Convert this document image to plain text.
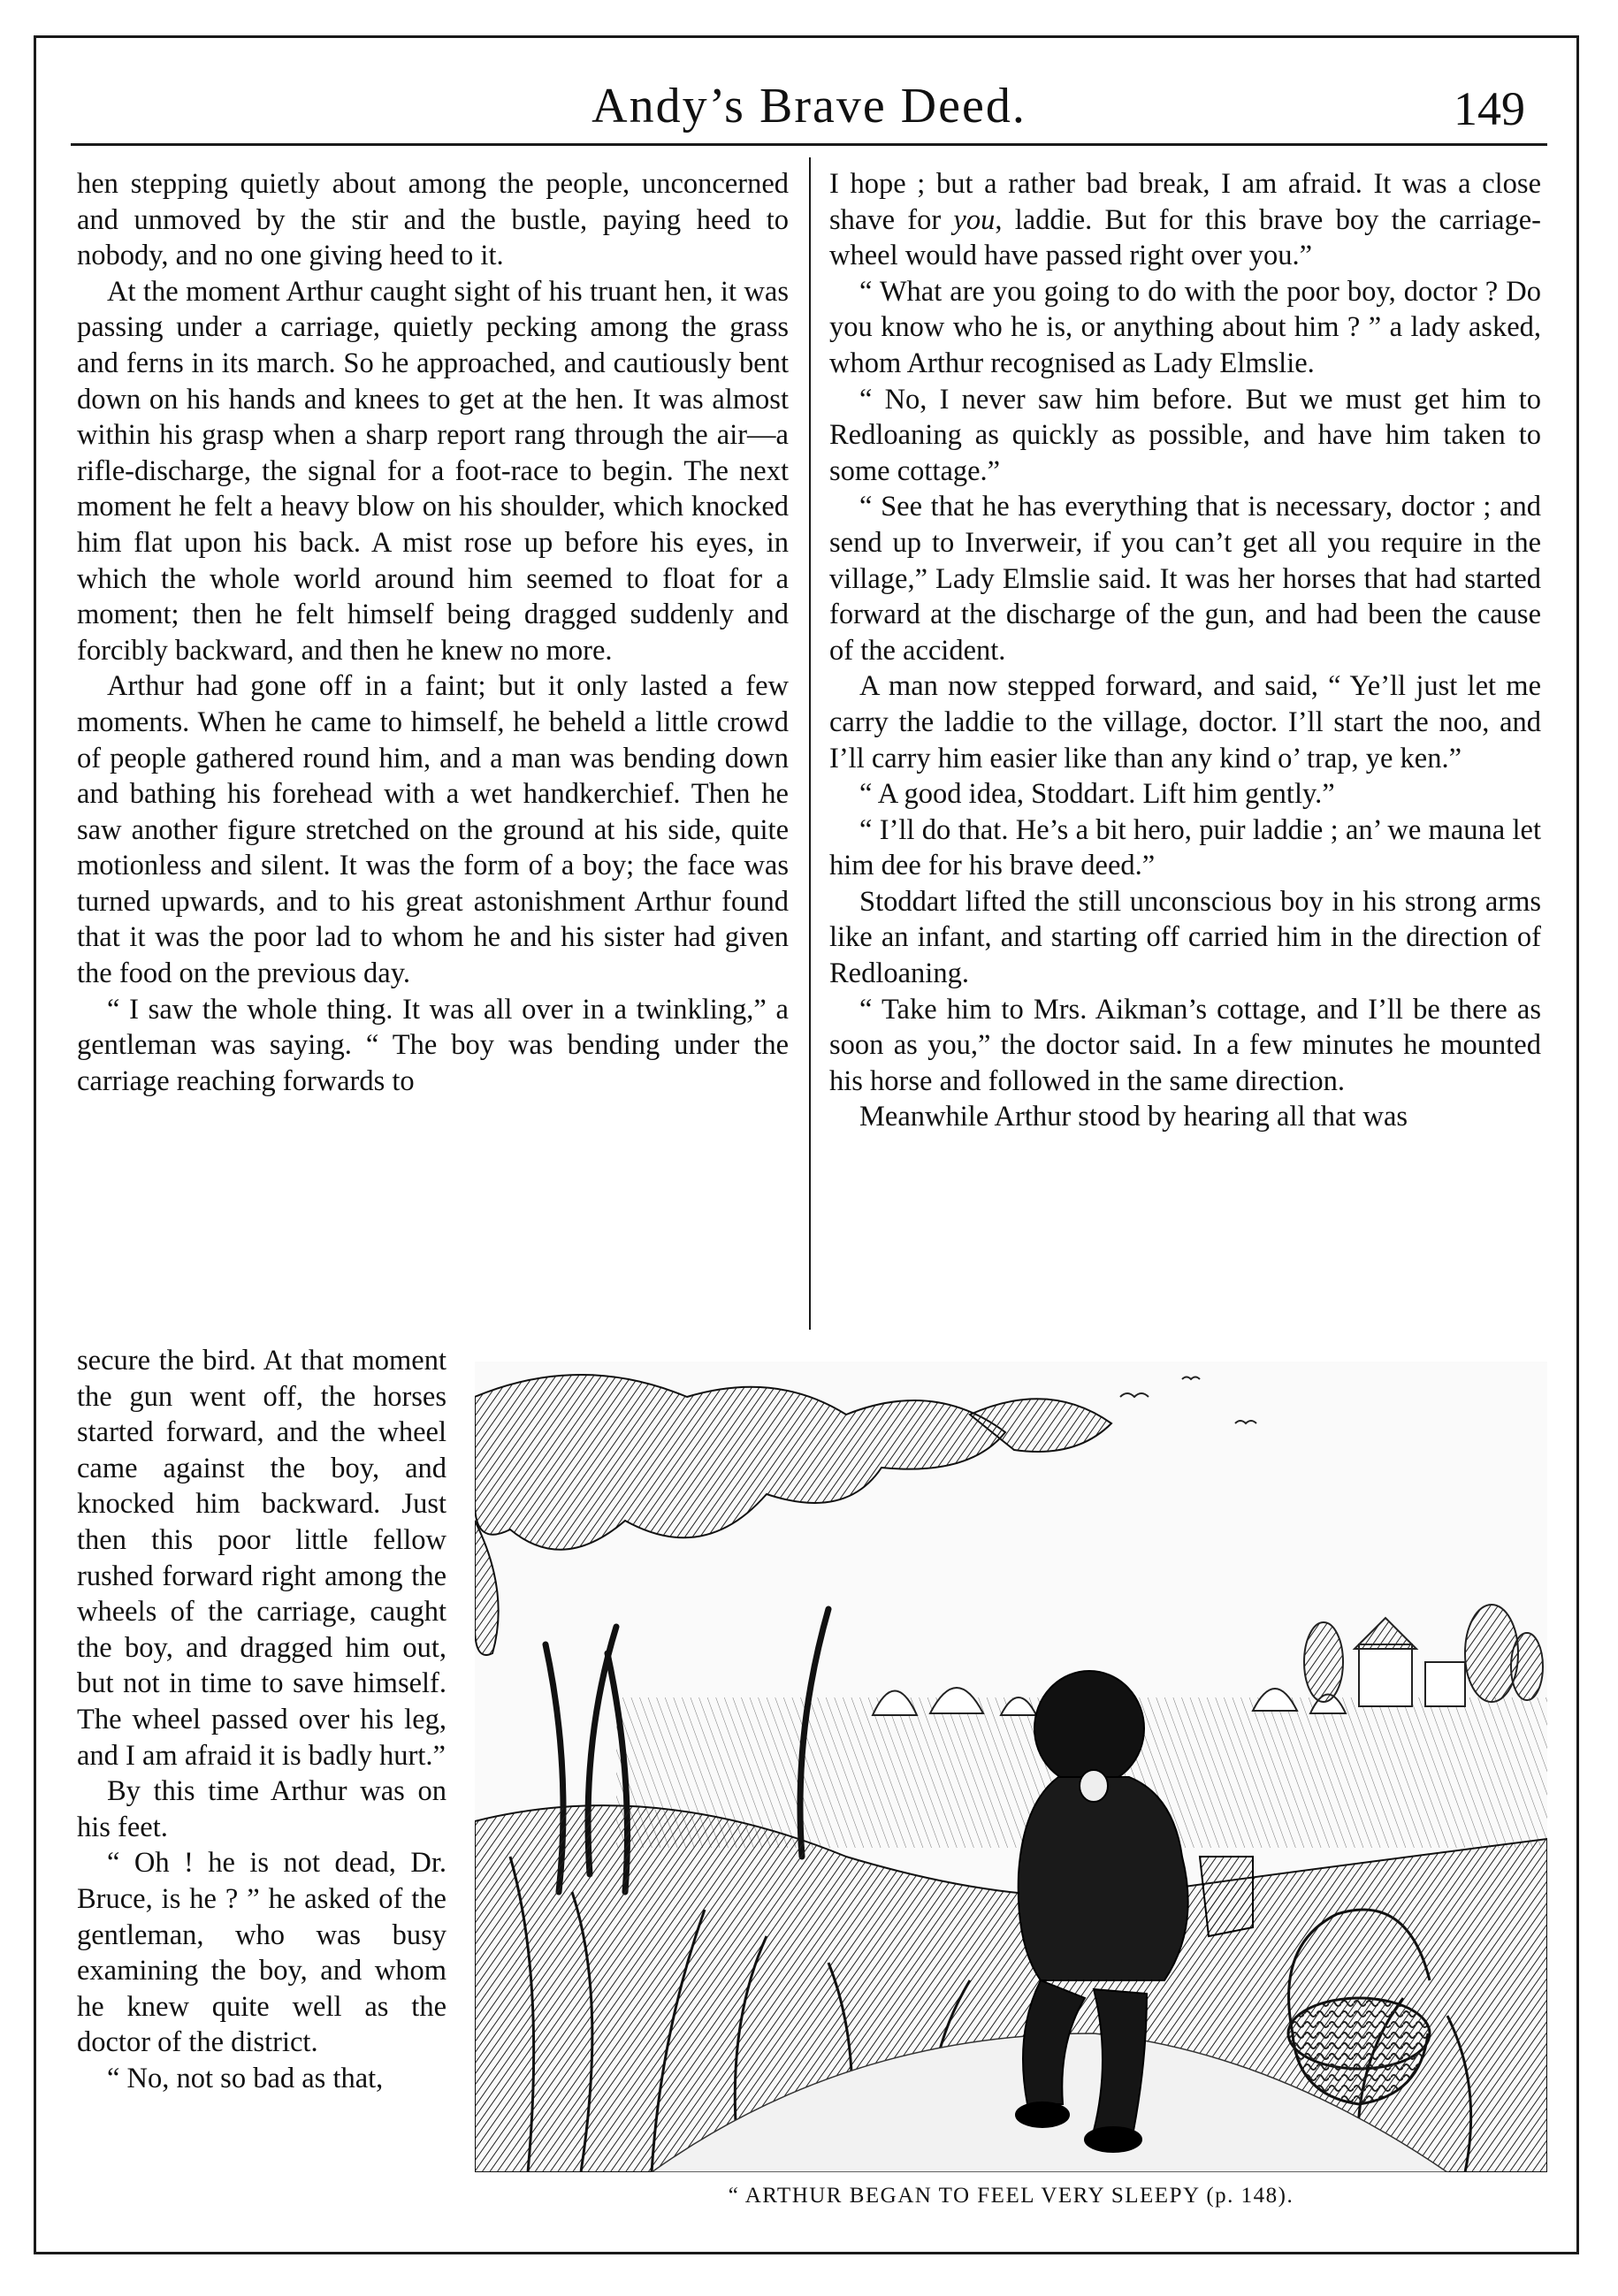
Andy’s Brave Deed.	149

hen stepping quietly about among the people, unconcerned and unmoved by the stir and the bustle, paying heed to nobody, and no one giving heed to it.

At the moment Arthur caught sight of his truant hen, it was passing under a carriage, quietly pecking among the grass and ferns in its march. So he approached, and cautiously bent down on his hands and knees to get at the hen. It was almost within his grasp when a sharp report rang through the air—a rifle-discharge, the signal for a foot-race to begin. The next moment he felt a heavy blow on his shoulder, which knocked him flat upon his back. A mist rose up before his eyes, in which the whole world around him seemed to float for a moment; then he felt himself being dragged suddenly and forcibly backward, and then he knew no more.

Arthur had gone off in a faint; but it only lasted a few moments. When he came to himself, he beheld a little crowd of people gathered round him, and a man was bending down and bathing his forehead with a wet handkerchief. Then he saw another figure stretched on the ground at his side, quite motionless and silent. It was the form of a boy; the face was turned upwards, and to his great astonishment Arthur found that it was the poor lad to whom he and his sister had given the food on the previous day.

“ I saw the whole thing. It was all over in a twinkling,” a gentleman was saying. “ The boy was bending under the carriage reaching forwards to

I hope ; but a rather bad break, I am afraid. It was a close shave for you, laddie. But for this brave boy the carriage-wheel would have passed right over you.”

“ What are you going to do with the poor boy, doctor ? Do you know who he is, or anything about him ? ” a lady asked, whom Arthur recognised as Lady Elmslie.

“ No, I never saw him before. But we must get him to Redloaning as quickly as possible, and have him taken to some cottage.”

“ See that he has everything that is necessary, doctor ; and send up to Inverweir, if you can’t get all you require in the village,” Lady Elmslie said. It was her horses that had started forward at the discharge of the gun, and had been the cause of the accident.

A man now stepped forward, and said, “ Ye’ll just let me carry the laddie to the village, doctor. I’ll start the noo, and I’ll carry him easier like than any kind o’ trap, ye ken.”

“ A good idea, Stoddart. Lift him gently.”

“ I’ll do that. He’s a bit hero, puir laddie ; an’ we mauna let him dee for his brave deed.”

Stoddart lifted the still unconscious boy in his strong arms like an infant, and starting off carried him in the direction of Redloaning.

“ Take him to Mrs. Aikman’s cottage, and I’ll be there as soon as you,” the doctor said. In a few minutes he mounted his horse and followed in the same direction.

Meanwhile Arthur stood by hearing all that was

secure the bird. At that moment the gun went off, the horses started forward, and the wheel came against the boy, and knocked him backward. Just then this poor little fellow rushed forward right among the wheels of the carriage, caught the boy, and dragged him out, but not in time to save himself. The wheel passed over his leg, and I am afraid it is badly hurt.”

By this time Arthur was on his feet.

“ Oh ! he is not dead, Dr. Bruce, is he ? ” he asked of the gentleman, who was busy examining the boy, and whom he knew quite well as the doctor of the district.

“ No, not so bad as that,

“ ARTHUR BEGAN TO FEEL VERY SLEEPY (p. 148).
